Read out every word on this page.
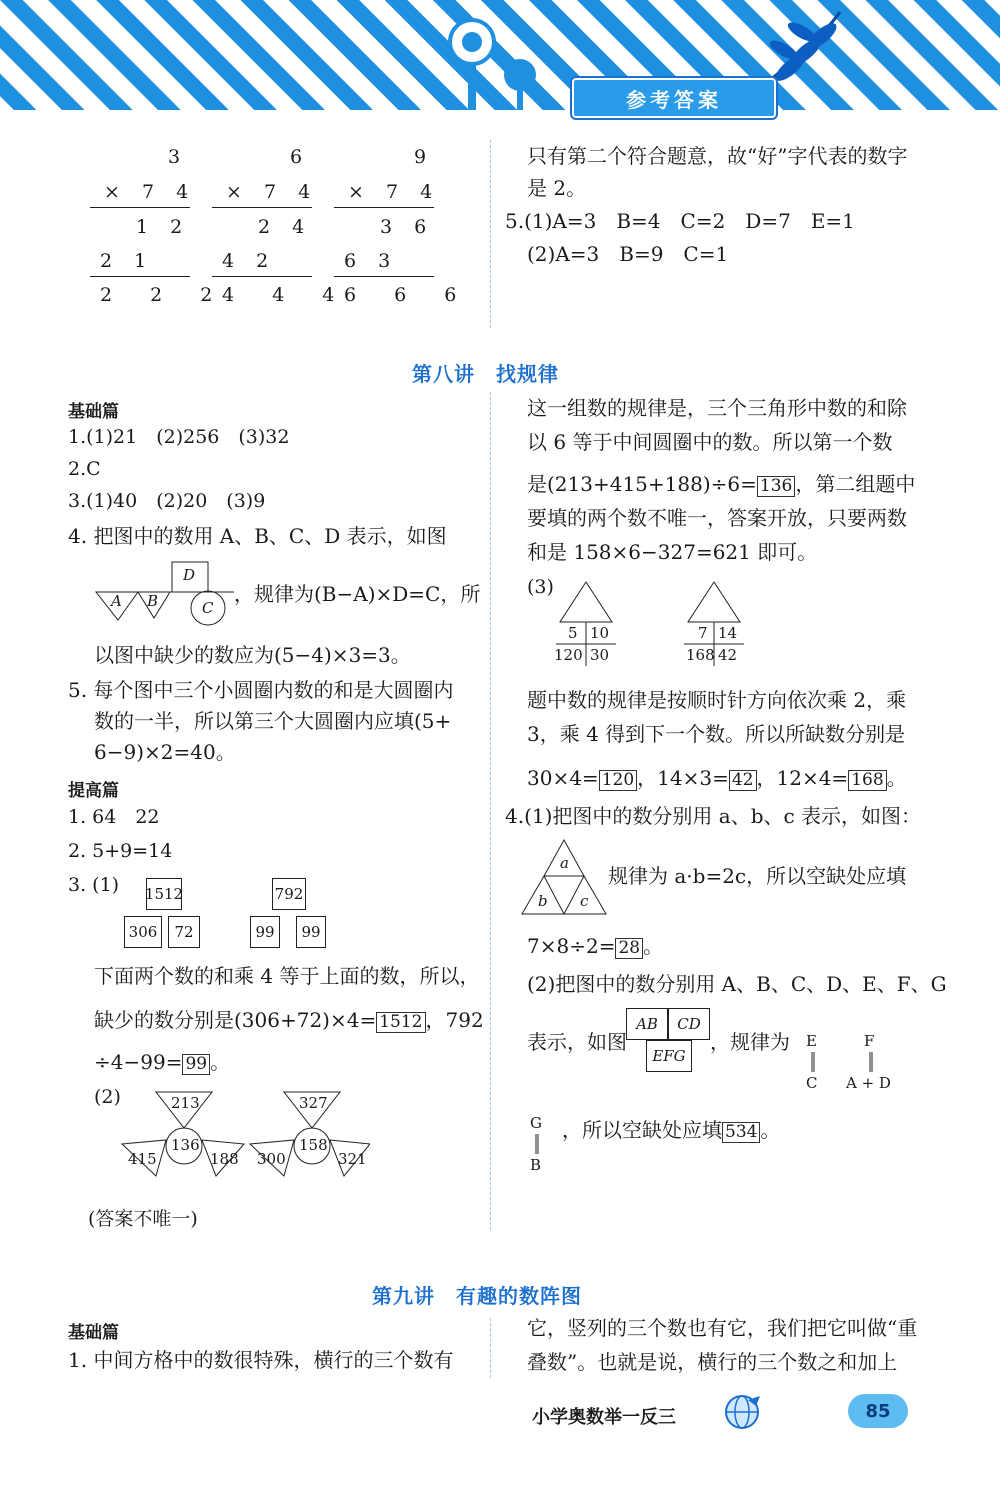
参考答案
3
× 7 4
1 2
2 1
2 2 2
6
× 7 4
2 4
4 2
4 4 4
9
× 7 4
3 6
6 3
6 6 6
只有第二个符合题意，故“好”字代表的数字
是 2。
5.(1)A=3　B=4　C=2　D=7　E=1
(2)A=3　B=9　C=1
第八讲　找规律
基础篇
1.(1)21　(2)256　(3)32
2.C
3.(1)40　(2)20　(3)9
4. 把图中的数用 A、B、C、D 表示，如图
D
A B	C
，规律为(B−A)×D=C，所
以图中缺少的数应为(5−4)×3=3。
5. 每个图中三个小圆圈内数的和是大圆圈内
数的一半，所以第三个大圆圈内应填(5+
6−9)×2=40。
提高篇
1. 64　22
2. 5+9=14
3. (1) 1512
306	72
792
99	99
下面两个数的和乘 4 等于上面的数，所以，
缺少的数分别是(306+72)×4= 1512 ，792
÷4−99= 99 。
(2)	213
136
415	188
327
158
300	321
(答案不唯一)
这一组数的规律是，三个三角形中数的和除
以 6 等于中间圆圈中的数。所以第一个数
是(213+415+188)÷6= 136 ，第二组题中
要填的两个数不唯一，答案开放，只要两数
和是 158×6−327=621 即可。
(3)
5 10
120 30
7 14
168 42
题中数的规律是按顺时针方向依次乘 2，乘
3，乘 4 得到下一个数。所以所缺数分别是
30×4= 120 ，14×3= 42 ，12×4= 168 。
4.(1)把图中的数分别用 a、b、c 表示，如图：
a
b c
规律为 a·b=2c，所以空缺处应填
7×8÷2= 28 。
(2)把图中的数分别用 A、B、C、D、E、F、G
表示，如图
AB	CD
EFG
，规律为 E
C
F
A + D
G
B
，所以空缺处应填 534 。
第九讲　有趣的数阵图
基础篇
1. 中间方格中的数很特殊，横行的三个数有
它，竖列的三个数也有它，我们把它叫做“重
叠数”。也就是说，横行的三个数之和加上
小学奥数举一反三	85
